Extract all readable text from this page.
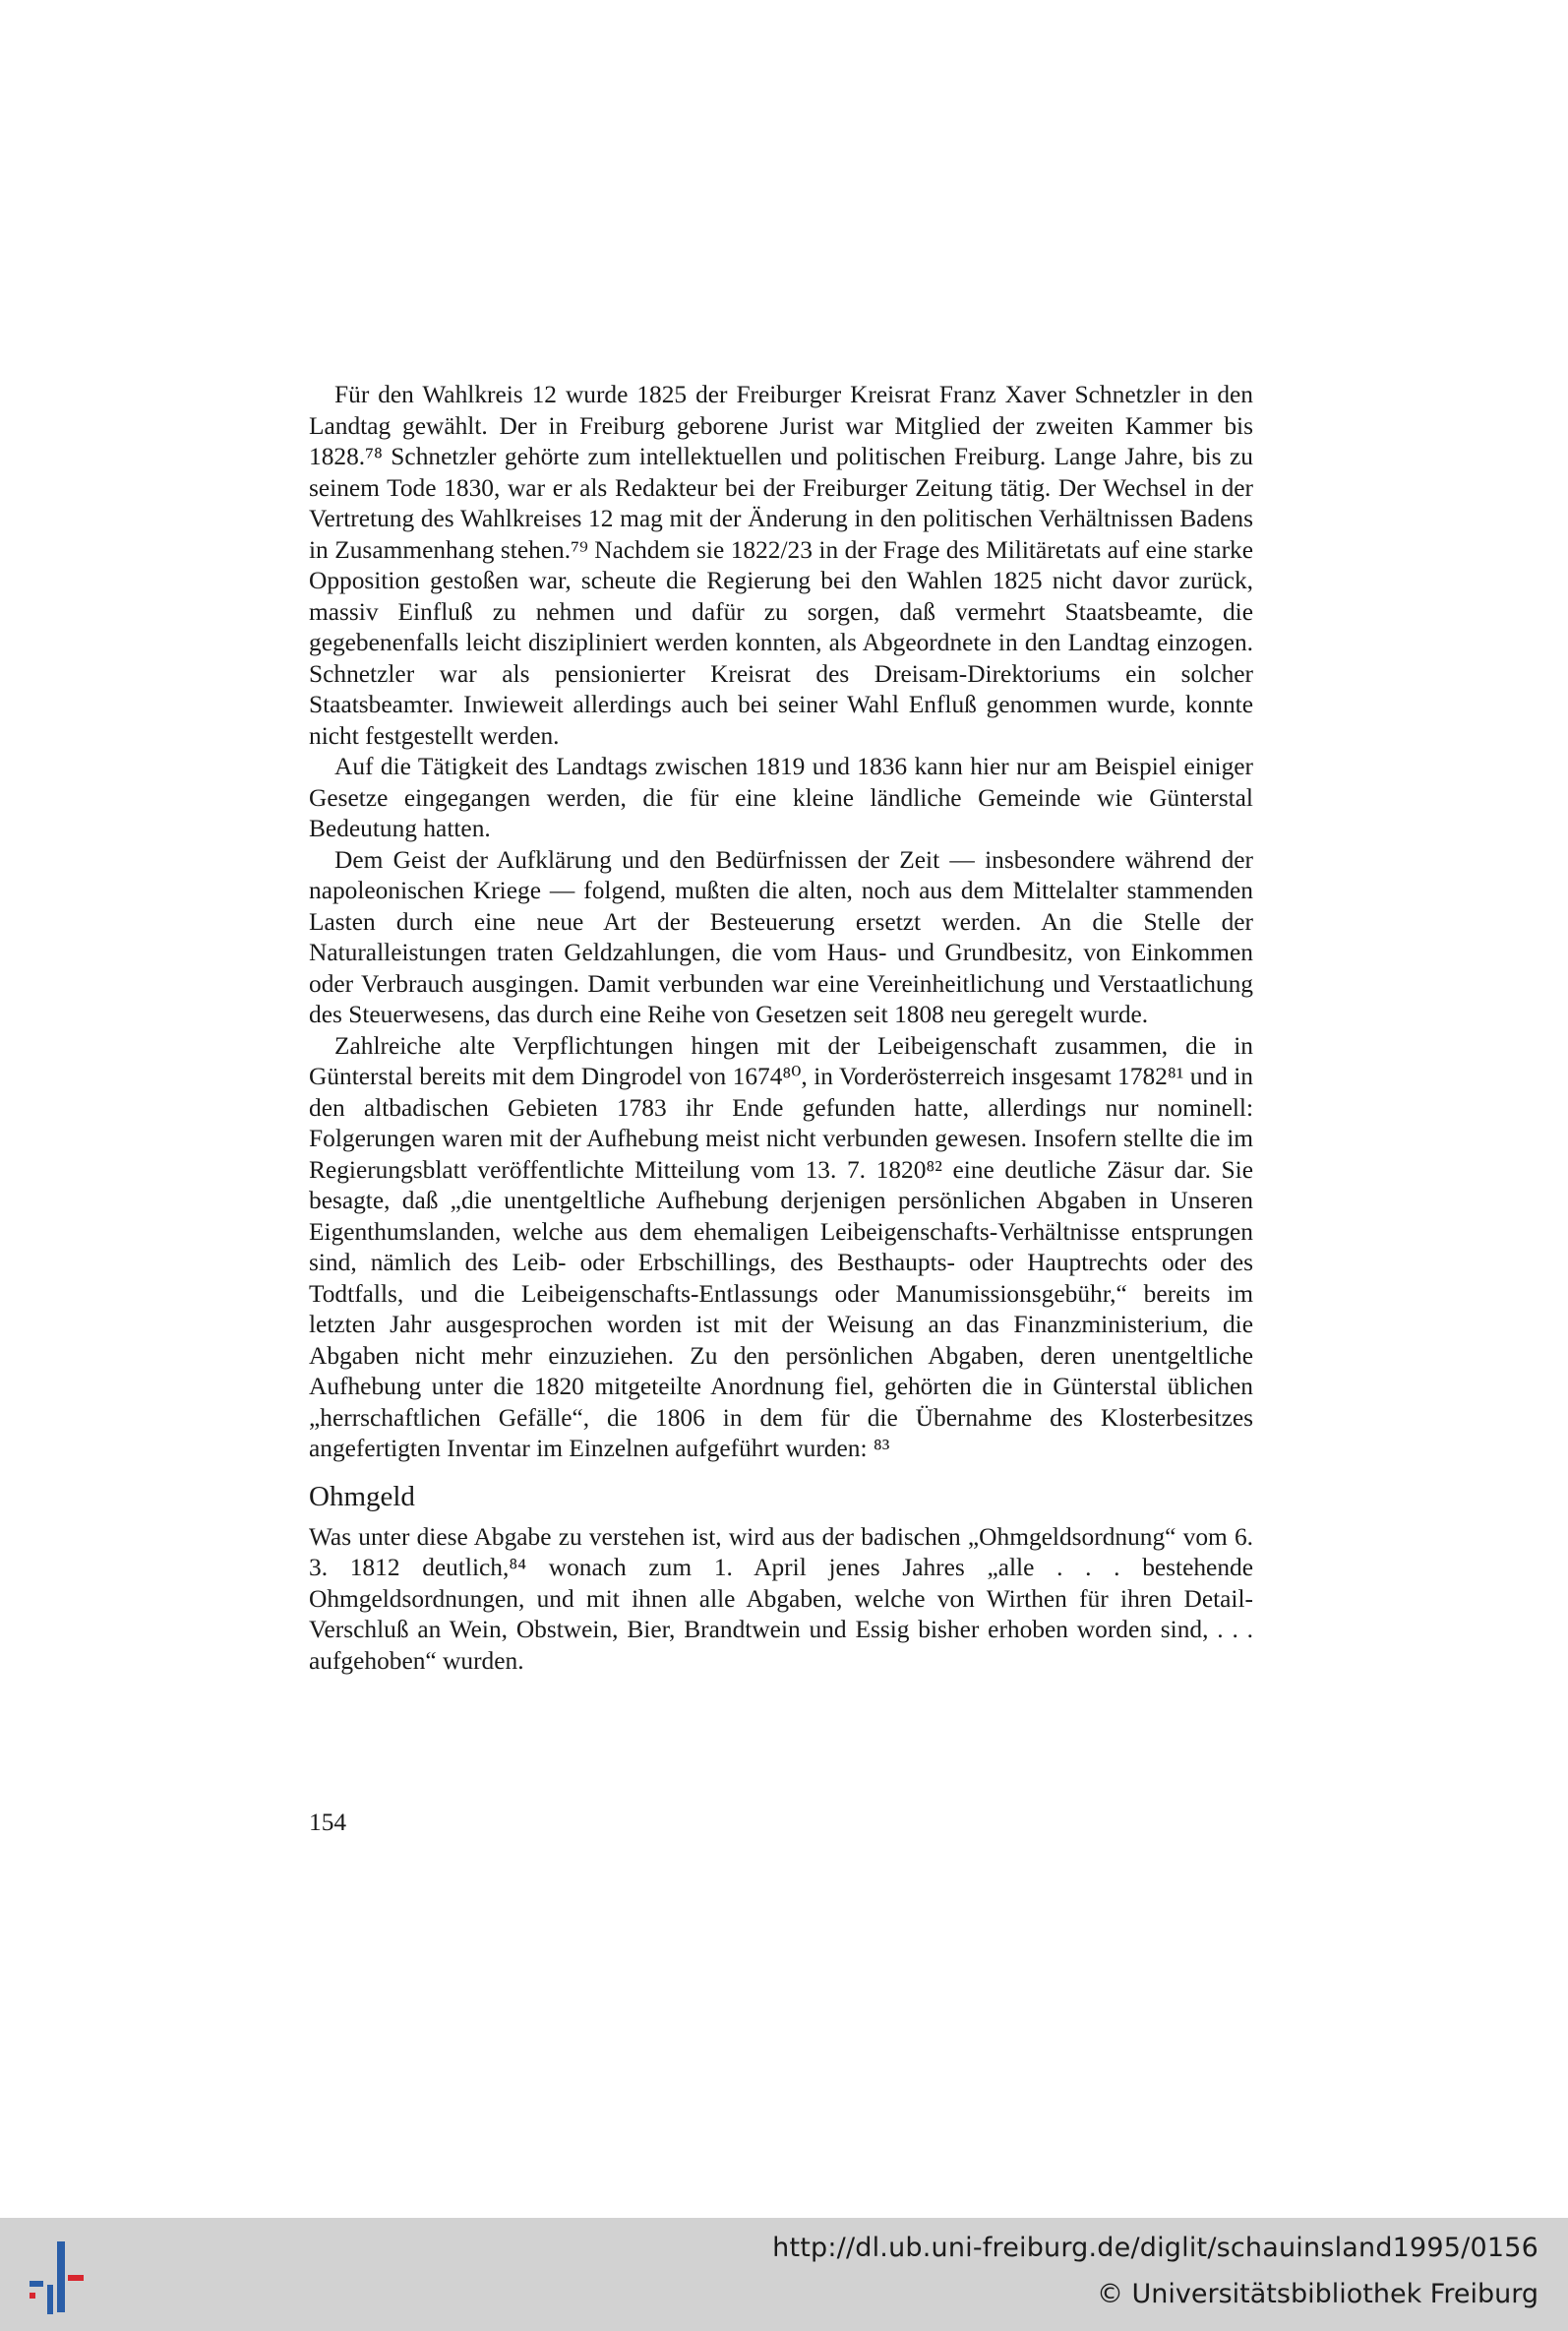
Für den Wahlkreis 12 wurde 1825 der Freiburger Kreisrat Franz Xaver Schnetzler in den Landtag gewählt. Der in Freiburg geborene Jurist war Mitglied der zweiten Kammer bis 1828.⁷⁸ Schnetzler gehörte zum intellektuellen und politischen Freiburg. Lange Jahre, bis zu seinem Tode 1830, war er als Redakteur bei der Freiburger Zeitung tätig. Der Wechsel in der Vertretung des Wahlkreises 12 mag mit der Änderung in den politischen Verhältnissen Badens in Zusammenhang stehen.⁷⁹ Nachdem sie 1822/23 in der Frage des Militäretats auf eine starke Opposition gestoßen war, scheute die Regierung bei den Wahlen 1825 nicht davor zurück, massiv Einfluß zu nehmen und dafür zu sorgen, daß vermehrt Staatsbeamte, die gegebenenfalls leicht diszipliniert werden konnten, als Abgeordnete in den Landtag einzogen. Schnetzler war als pensionierter Kreisrat des Dreisam-Direktoriums ein solcher Staatsbeamter. Inwieweit allerdings auch bei seiner Wahl Enfluß genommen wurde, konnte nicht festgestellt werden.

Auf die Tätigkeit des Landtags zwischen 1819 und 1836 kann hier nur am Beispiel einiger Gesetze eingegangen werden, die für eine kleine ländliche Gemeinde wie Günterstal Bedeutung hatten.

Dem Geist der Aufklärung und den Bedürfnissen der Zeit — insbesondere während der napoleonischen Kriege — folgend, mußten die alten, noch aus dem Mittelalter stammenden Lasten durch eine neue Art der Besteuerung ersetzt werden. An die Stelle der Naturalleistungen traten Geldzahlungen, die vom Haus- und Grundbesitz, von Einkommen oder Verbrauch ausgingen. Damit verbunden war eine Vereinheitlichung und Verstaatlichung des Steuerwesens, das durch eine Reihe von Gesetzen seit 1808 neu geregelt wurde.

Zahlreiche alte Verpflichtungen hingen mit der Leibeigenschaft zusammen, die in Günterstal bereits mit dem Dingrodel von 1674⁸⁰, in Vorderösterreich insgesamt 1782⁸¹ und in den altbadischen Gebieten 1783 ihr Ende gefunden hatte, allerdings nur nominell: Folgerungen waren mit der Aufhebung meist nicht verbunden gewesen. Insofern stellte die im Regierungsblatt veröffentlichte Mitteilung vom 13. 7. 1820⁸² eine deutliche Zäsur dar. Sie besagte, daß „die unentgeltliche Aufhebung derjenigen persönlichen Abgaben in Unseren Eigenthumslanden, welche aus dem ehemaligen Leibeigenschafts-Verhältnisse entsprungen sind, nämlich des Leib- oder Erbschillings, des Besthaupts- oder Hauptrechts oder des Todtfalls, und die Leibeigenschafts-Entlassungs oder Manumissionsgebühr,“ bereits im letzten Jahr ausgesprochen worden ist mit der Weisung an das Finanzministerium, die Abgaben nicht mehr einzuziehen. Zu den persönlichen Abgaben, deren unentgeltliche Aufhebung unter die 1820 mitgeteilte Anordnung fiel, gehörten die in Günterstal üblichen „herrschaftlichen Gefälle“, die 1806 in dem für die Übernahme des Klosterbesitzes angefertigten Inventar im Einzelnen aufgeführt wurden: ⁸³

Ohmgeld

Was unter diese Abgabe zu verstehen ist, wird aus der badischen „Ohmgeldsordnung“ vom 6. 3. 1812 deutlich,⁸⁴ wonach zum 1. April jenes Jahres „alle . . . bestehende Ohmgeldsordnungen, und mit ihnen alle Abgaben, welche von Wirthen für ihren Detail-Verschluß an Wein, Obstwein, Bier, Brandtwein und Essig bisher erhoben worden sind, . . . aufgehoben“ wurden.

154
http://dl.ub.uni-freiburg.de/diglit/schauinsland1995/0156
© Universitätsbibliothek Freiburg
